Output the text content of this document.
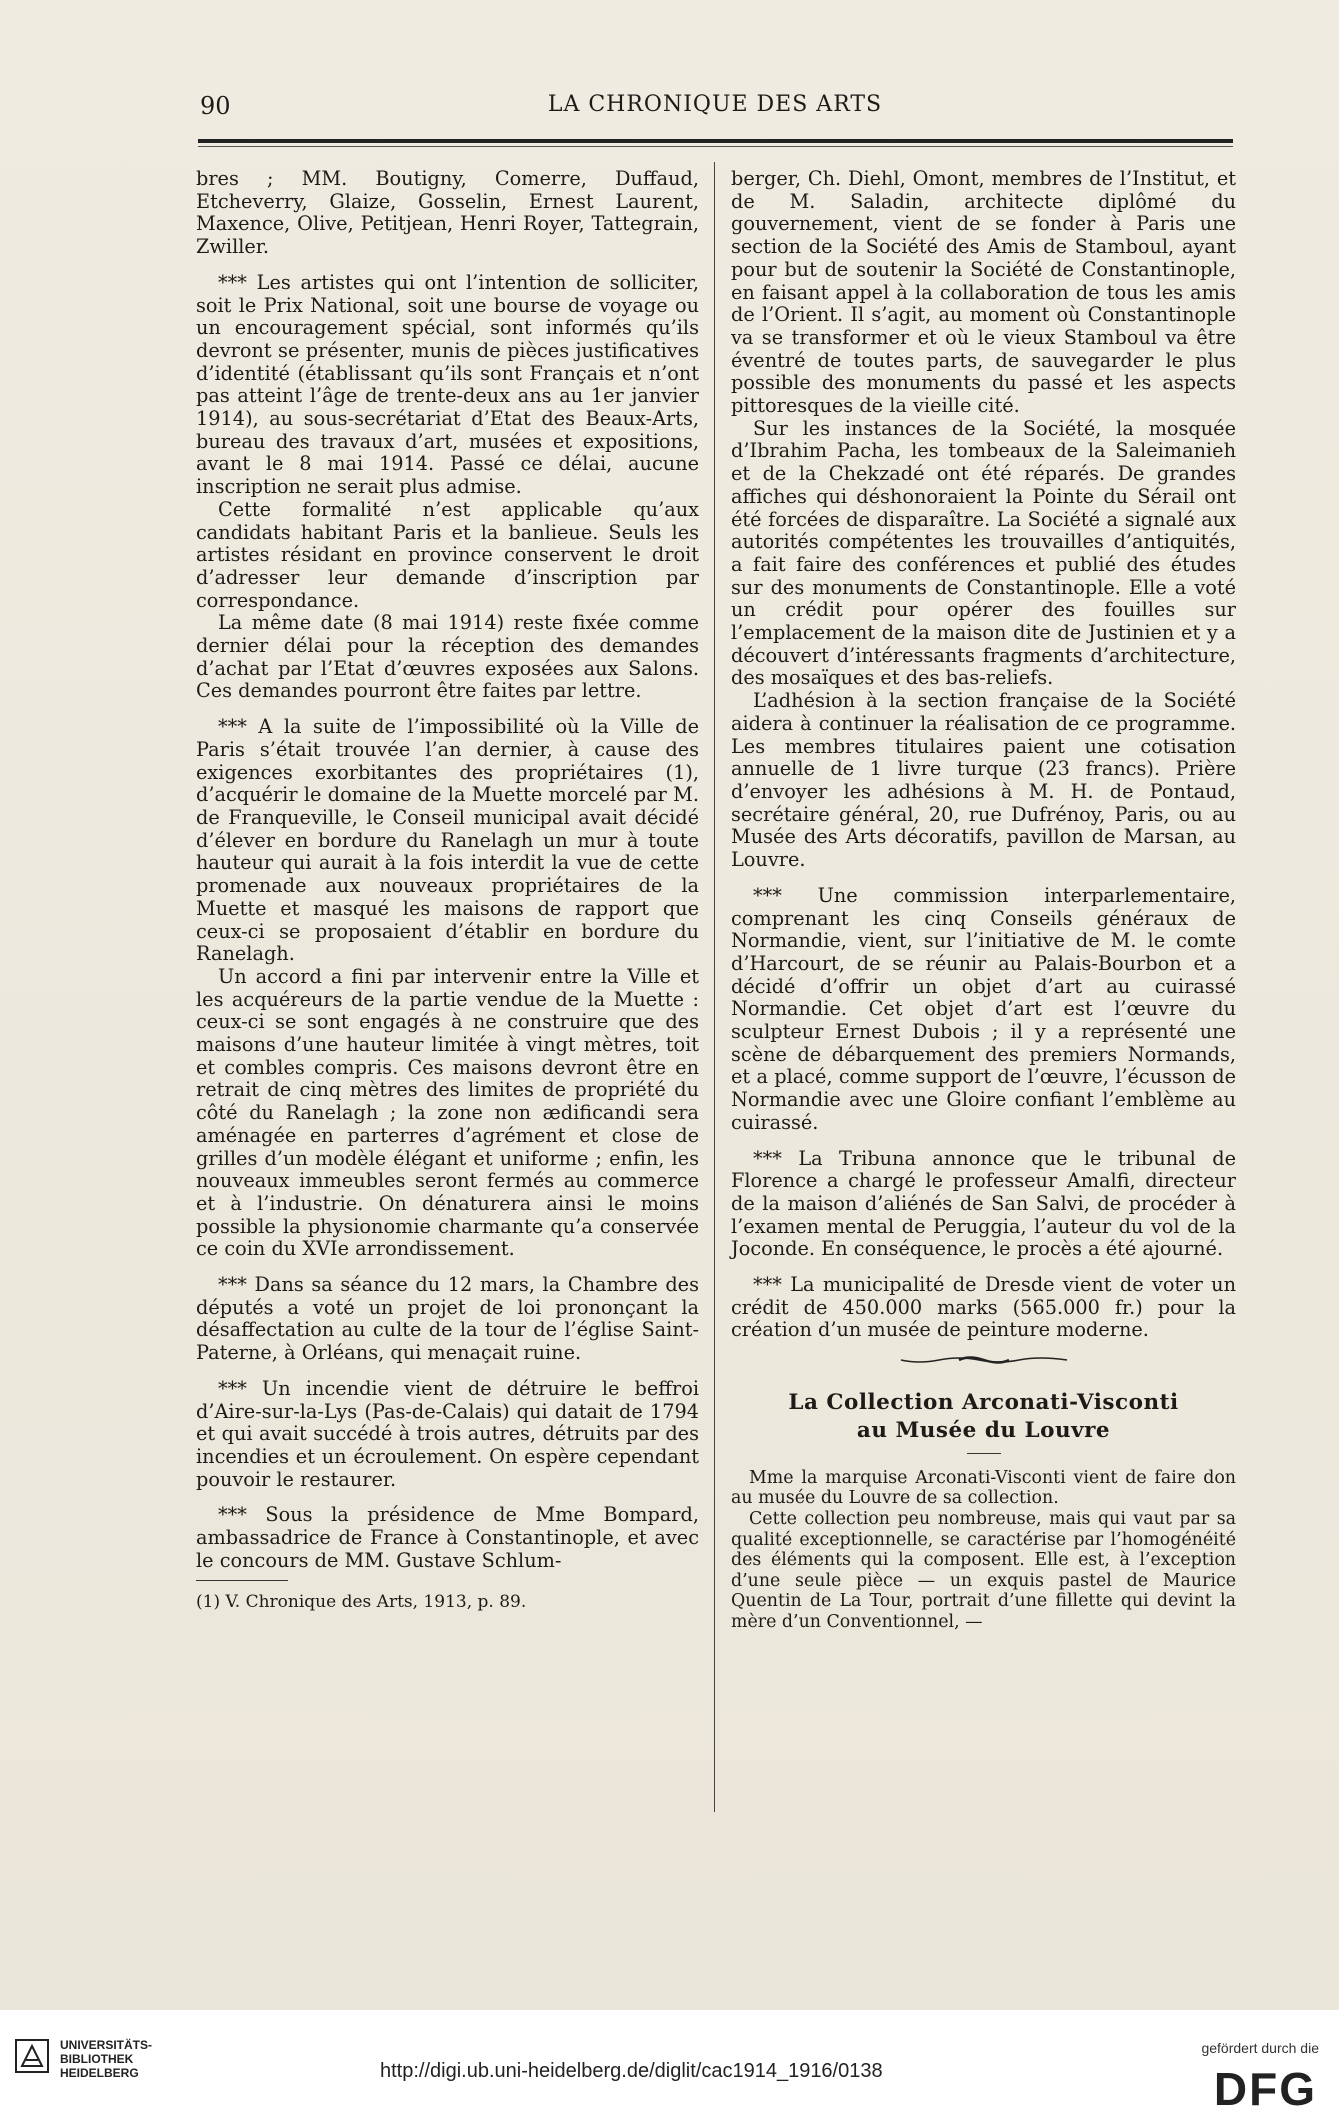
90	LA CHRONIQUE DES ARTS

bres ; MM. Boutigny, Comerre, Duffaud, Etcheverry, Glaize, Gosselin, Ernest Laurent, Maxence, Olive, Petitjean, Henri Royer, Tattegrain, Zwiller.

*** Les artistes qui ont l’intention de solliciter, soit le Prix National, soit une bourse de voyage ou un encouragement spécial, sont informés qu’ils devront se présenter, munis de pièces justificatives d’identité (établissant qu’ils sont Français et n’ont pas atteint l’âge de trente-deux ans au 1er janvier 1914), au sous-secrétariat d’Etat des Beaux-Arts, bureau des travaux d’art, musées et expositions, avant le 8 mai 1914. Passé ce délai, aucune inscription ne serait plus admise.

Cette formalité n’est applicable qu’aux candidats habitant Paris et la banlieue. Seuls les artistes résidant en province conservent le droit d’adresser leur demande d’inscription par correspondance.

La même date (8 mai 1914) reste fixée comme dernier délai pour la réception des demandes d’achat par l’Etat d’œuvres exposées aux Salons. Ces demandes pourront être faites par lettre.

*** A la suite de l’impossibilité où la Ville de Paris s’était trouvée l’an dernier, à cause des exigences exorbitantes des propriétaires (1), d’acquérir le domaine de la Muette morcelé par M. de Franqueville, le Conseil municipal avait décidé d’élever en bordure du Ranelagh un mur à toute hauteur qui aurait à la fois interdit la vue de cette promenade aux nouveaux propriétaires de la Muette et masqué les maisons de rapport que ceux-ci se proposaient d’établir en bordure du Ranelagh.

Un accord a fini par intervenir entre la Ville et les acquéreurs de la partie vendue de la Muette : ceux-ci se sont engagés à ne construire que des maisons d’une hauteur limitée à vingt mètres, toit et combles compris. Ces maisons devront être en retrait de cinq mètres des limites de propriété du côté du Ranelagh ; la zone non ædificandi sera aménagée en parterres d’agrément et close de grilles d’un modèle élégant et uniforme ; enfin, les nouveaux immeubles seront fermés au commerce et à l’industrie. On dénaturera ainsi le moins possible la physionomie charmante qu’a conservée ce coin du XVIe arrondissement.

*** Dans sa séance du 12 mars, la Chambre des députés a voté un projet de loi prononçant la désaffectation au culte de la tour de l’église Saint-Paterne, à Orléans, qui menaçait ruine.

*** Un incendie vient de détruire le beffroi d’Aire-sur-la-Lys (Pas-de-Calais) qui datait de 1794 et qui avait succédé à trois autres, détruits par des incendies et un écroulement. On espère cependant pouvoir le restaurer.

*** Sous la présidence de Mme Bompard, ambassadrice de France à Constantinople, et avec le concours de MM. Gustave Schlum-

(1) V. Chronique des Arts, 1913, p. 89.

berger, Ch. Diehl, Omont, membres de l’Institut, et de M. Saladin, architecte diplômé du gouvernement, vient de se fonder à Paris une section de la Société des Amis de Stamboul, ayant pour but de soutenir la Société de Constantinople, en faisant appel à la collaboration de tous les amis de l’Orient. Il s’agit, au moment où Constantinople va se transformer et où le vieux Stamboul va être éventré de toutes parts, de sauvegarder le plus possible des monuments du passé et les aspects pittoresques de la vieille cité.

Sur les instances de la Société, la mosquée d’Ibrahim Pacha, les tombeaux de la Saleimanieh et de la Chekzadé ont été réparés. De grandes affiches qui déshonoraient la Pointe du Sérail ont été forcées de disparaître. La Société a signalé aux autorités compétentes les trouvailles d’antiquités, a fait faire des conférences et publié des études sur des monuments de Constantinople. Elle a voté un crédit pour opérer des fouilles sur l’emplacement de la maison dite de Justinien et y a découvert d’intéressants fragments d’architecture, des mosaïques et des bas-reliefs.

L’adhésion à la section française de la Société aidera à continuer la réalisation de ce programme. Les membres titulaires paient une cotisation annuelle de 1 livre turque (23 francs). Prière d’envoyer les adhésions à M. H. de Pontaud, secrétaire général, 20, rue Dufrénoy, Paris, ou au Musée des Arts décoratifs, pavillon de Marsan, au Louvre.

*** Une commission interparlementaire, comprenant les cinq Conseils généraux de Normandie, vient, sur l’initiative de M. le comte d’Harcourt, de se réunir au Palais-Bourbon et a décidé d’offrir un objet d’art au cuirassé Normandie. Cet objet d’art est l’œuvre du sculpteur Ernest Dubois ; il y a représenté une scène de débarquement des premiers Normands, et a placé, comme support de l’œuvre, l’écusson de Normandie avec une Gloire confiant l’emblème au cuirassé.

*** La Tribuna annonce que le tribunal de Florence a chargé le professeur Amalfi, directeur de la maison d’aliénés de San Salvi, de procéder à l’examen mental de Peruggia, l’auteur du vol de la Joconde. En conséquence, le procès a été ajourné.

*** La municipalité de Dresde vient de voter un crédit de 450.000 marks (565.000 fr.) pour la création d’un musée de peinture moderne.

La Collection Arconati-Visconti
au Musée du Louvre

Mme la marquise Arconati-Visconti vient de faire don au musée du Louvre de sa collection.

Cette collection peu nombreuse, mais qui vaut par sa qualité exceptionnelle, se caractérise par l’homogénéité des éléments qui la composent. Elle est, à l’exception d’une seule pièce — un exquis pastel de Maurice Quentin de La Tour, portrait d’une fillette qui devint la mère d’un Conventionnel, —

UNIVERSITÄTS-
BIBLIOTHEK
HEIDELBERG	http://digi.ub.uni-heidelberg.de/diglit/cac1914_1916/0138
gefördert durch die
DFG
